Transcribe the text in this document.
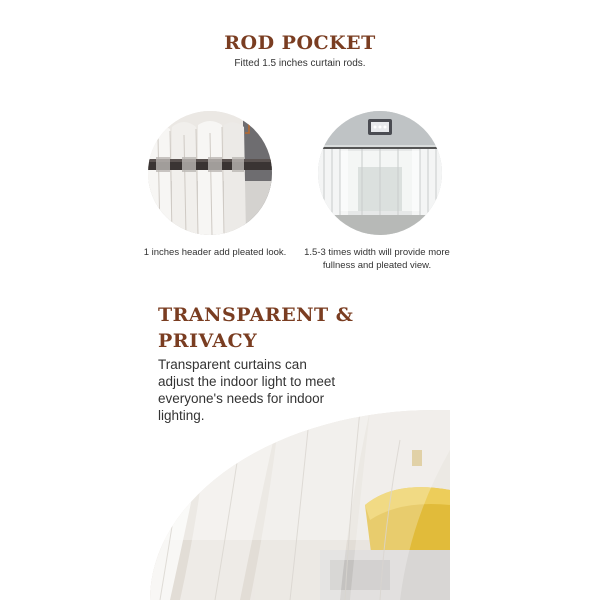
ROD POCKET
Fitted 1.5 inches curtain rods.
1"
1 inches header add pleated look.	1.5-3 times width will provide more fullness and pleated view.
TRANSPARENT &
PRIVACY
Transparent curtains can adjust the indoor light to meet everyone's needs for indoor lighting.
